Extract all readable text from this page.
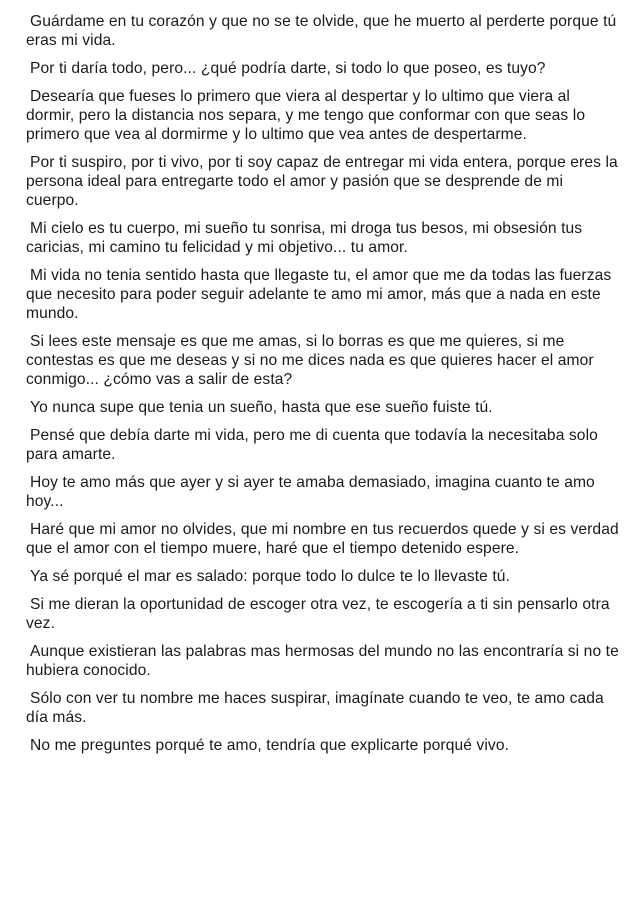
Guárdame en tu corazón y que no se te olvide, que he muerto al perderte porque tú eras mi vida.

Por ti daría todo, pero... ¿qué podría darte, si todo lo que poseo, es tuyo?

Desearía que fueses lo primero que viera al despertar y lo ultimo que viera al dormir, pero la distancia nos separa, y me tengo que conformar con que seas lo primero que vea al dormirme y lo ultimo que vea antes de despertarme.

Por ti suspiro, por ti vivo, por ti soy capaz de entregar mi vida entera, porque eres la persona ideal para entregarte todo el amor y pasión que se desprende de mi cuerpo.

Mi cielo es tu cuerpo, mi sueño tu sonrisa, mi droga tus besos, mi obsesión tus caricias, mi camino tu felicidad y mi objetivo... tu amor.

Mi vida no tenia sentido hasta que llegaste tu, el amor que me da todas las fuerzas que necesito para poder seguir adelante te amo mi amor, más que a nada en este mundo.

Si lees este mensaje es que me amas, si lo borras es que me quieres, si me contestas es que me deseas y si no me dices nada es que quieres hacer el amor conmigo... ¿cómo vas a salir de esta?

Yo nunca supe que tenia un sueño, hasta que ese sueño fuiste tú.

Pensé que debía darte mi vida, pero me di cuenta que todavía la necesitaba solo para amarte.

Hoy te amo más que ayer y si ayer te amaba demasiado, imagina cuanto te amo hoy...

Haré que mi amor no olvides, que mi nombre en tus recuerdos quede y si es verdad que el amor con el tiempo muere, haré que el tiempo detenido espere.

Ya sé porqué el mar es salado: porque todo lo dulce te lo llevaste tú.

Si me dieran la oportunidad de escoger otra vez, te escogería a ti sin pensarlo otra vez.

Aunque existieran las palabras mas hermosas del mundo no las encontraría si no te hubiera conocido.

Sólo con ver tu nombre me haces suspirar, imagínate cuando te veo, te amo cada día más.

No me preguntes porqué te amo, tendría que explicarte porqué vivo.
